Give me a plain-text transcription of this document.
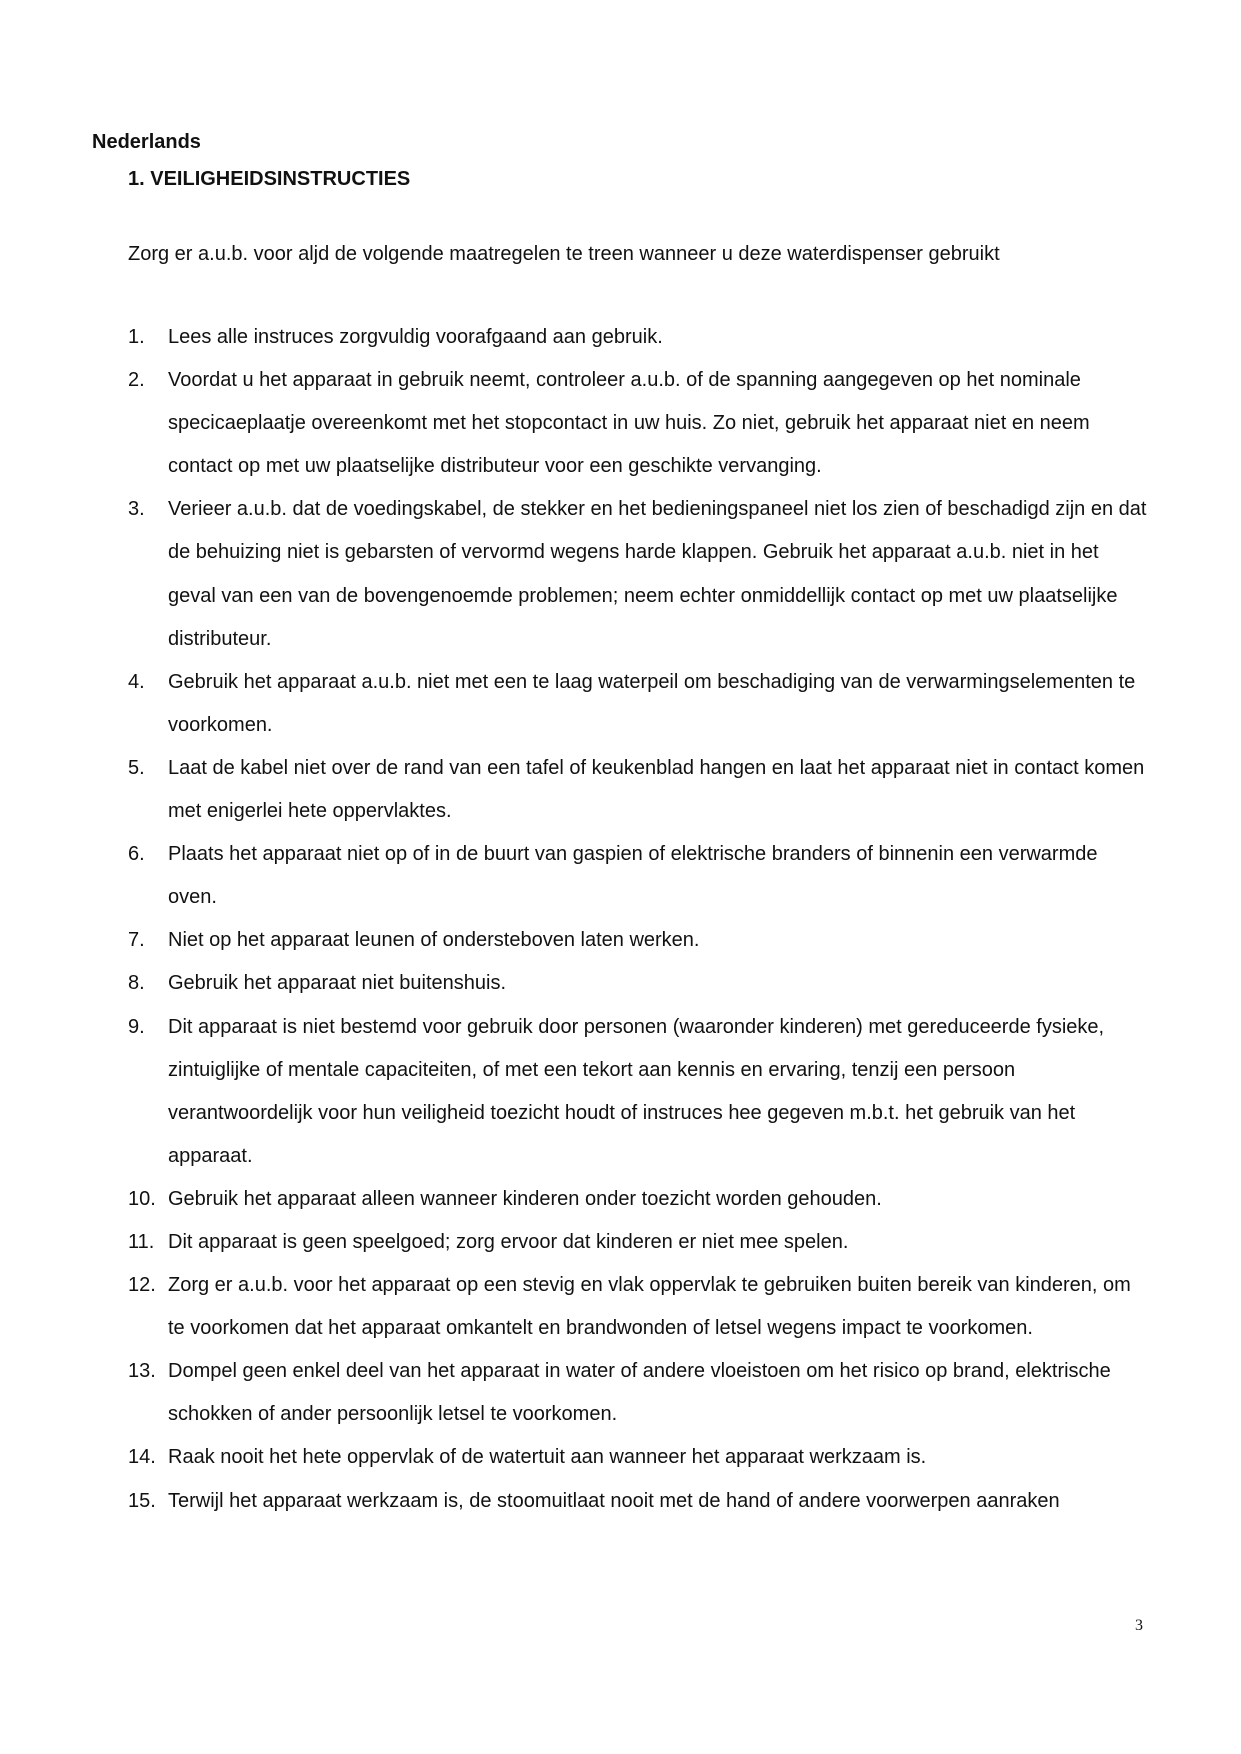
Nederlands
1. VEILIGHEIDSINSTRUCTIES
Zorg er a.u.b. voor aljd de volgende maatregelen te treen wanneer u deze waterdispenser gebruikt
1.	Lees alle instruces zorgvuldig voorafgaand aan gebruik.
2.	Voordat u het apparaat in gebruik neemt, controleer a.u.b. of de spanning aangegeven op het nominale specicaeplaatje overeenkomt met het stopcontact in uw huis. Zo niet, gebruik het apparaat niet en neem contact op met uw plaatselijke distributeur voor een geschikte vervanging.
3.	Verieer a.u.b. dat de voedingskabel, de stekker en het bedieningspaneel niet los zien of beschadigd zijn en dat de behuizing niet is gebarsten of vervormd wegens harde klappen. Gebruik het apparaat a.u.b. niet in het geval van een van de bovengenoemde problemen; neem echter onmiddellijk contact op met uw plaatselijke distributeur.
4.	Gebruik het apparaat a.u.b. niet met een te laag waterpeil om beschadiging van de verwarmingselementen te voorkomen.
5.	Laat de kabel niet over de rand van een tafel of keukenblad hangen en laat het apparaat niet in contact komen met enigerlei hete oppervlaktes.
6.	Plaats het apparaat niet op of in de buurt van gaspien of elektrische branders of binnenin een verwarmde oven.
7.	Niet op het apparaat leunen of ondersteboven laten werken.
8.	Gebruik het apparaat niet buitenshuis.
9.	Dit apparaat is niet bestemd voor gebruik door personen (waaronder kinderen) met gereduceerde fysieke, zintuiglijke of mentale capaciteiten, of met een tekort aan kennis en ervaring, tenzij een persoon verantwoordelijk voor hun veiligheid toezicht houdt of instruces hee gegeven m.b.t. het gebruik van het apparaat.
10. Gebruik het apparaat alleen wanneer kinderen onder toezicht worden gehouden.
11. Dit apparaat is geen speelgoed; zorg ervoor dat kinderen er niet mee spelen.
12. Zorg er a.u.b. voor het apparaat op een stevig en vlak oppervlak te gebruiken buiten bereik van kinderen, om te voorkomen dat het apparaat omkantelt en brandwonden of letsel wegens impact te voorkomen.
13. Dompel geen enkel deel van het apparaat in water of andere vloeistoen om het risico op brand, elektrische schokken of ander persoonlijk letsel te voorkomen.
14. Raak nooit het hete oppervlak of de watertuit aan wanneer het apparaat werkzaam is.
15. Terwijl het apparaat werkzaam is, de stoomuitlaat nooit met de hand of andere voorwerpen aanraken
3
